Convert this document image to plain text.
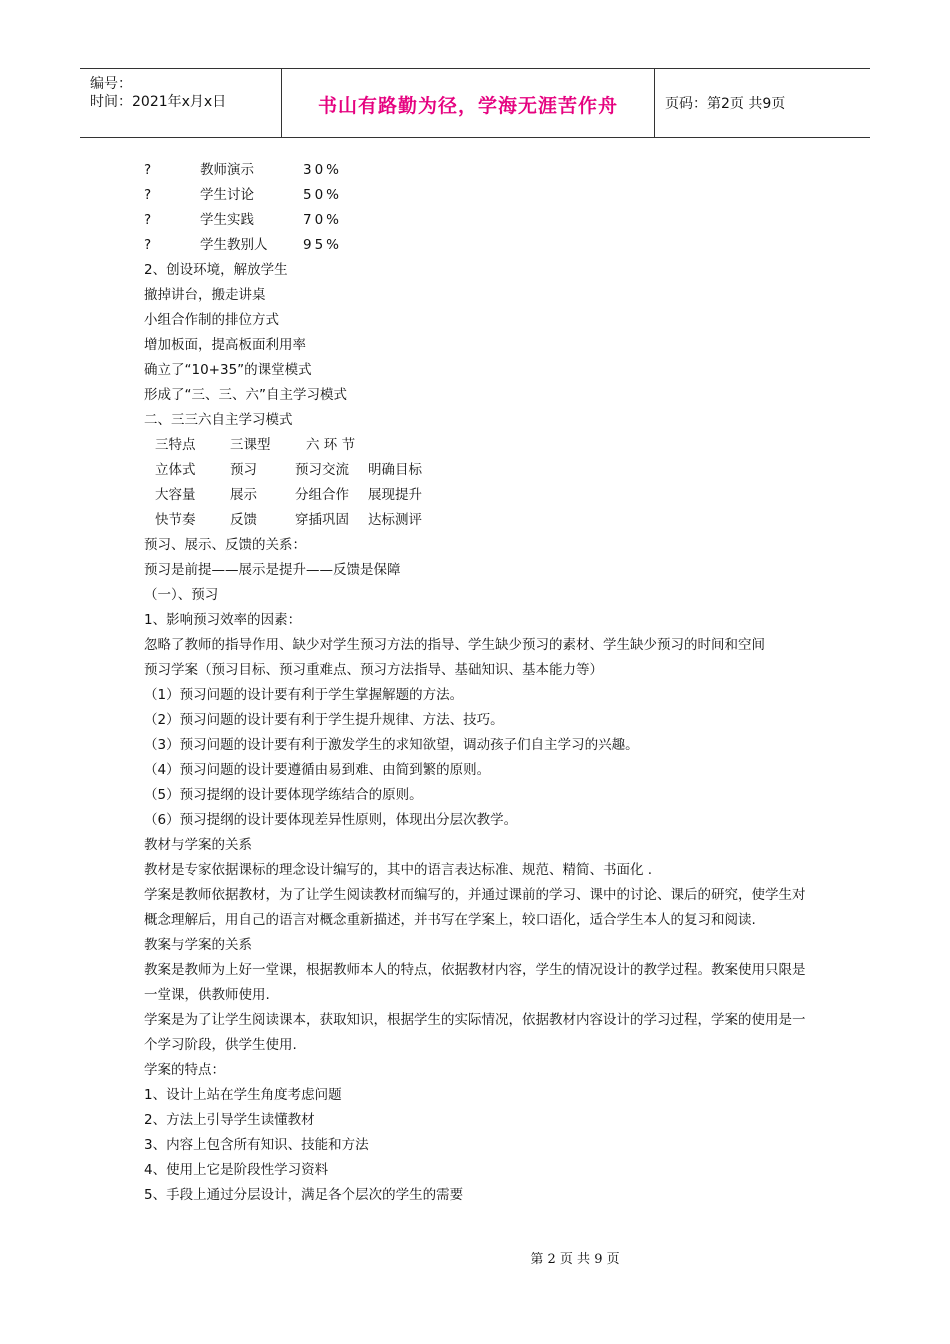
编号：
时间：2021年x月x日	书山有路勤为径，学海无涯苦作舟	页码：第2页 共9页
?	教师演示	30%
?	学生讨论	50%
?	学生实践	70%
?	学生教别人	95%
2、创设环境，解放学生
撤掉讲台，搬走讲桌
小组合作制的排位方式
增加板面，提高板面利用率
确立了“10+35”的课堂模式
形成了“三、三、六”自主学习模式
二、三三六自主学习模式
三特点	三课型	六 环 节
立体式	预习	预习交流 明确目标
大容量	展示	分组合作 展现提升
快节奏	反馈	穿插巩固 达标测评
预习、展示、反馈的关系：
预习是前提——展示是提升——反馈是保障
（一）、预习
1、影响预习效率的因素：
忽略了教师的指导作用、缺少对学生预习方法的指导、学生缺少预习的素材、学生缺少预习的时间和空间
预习学案（预习目标、预习重难点、预习方法指导、基础知识、基本能力等）
（1）预习问题的设计要有利于学生掌握解题的方法。
（2）预习问题的设计要有利于学生提升规律、方法、技巧。
（3）预习问题的设计要有利于激发学生的求知欲望，调动孩子们自主学习的兴趣。
（4）预习问题的设计要遵循由易到难、由简到繁的原则。
（5）预习提纲的设计要体现学练结合的原则。
（6）预习提纲的设计要体现差异性原则，体现出分层次教学。
教材与学案的关系
教材是专家依据课标的理念设计编写的，其中的语言表达标准、规范、精简、书面化 .
学案是教师依据教材，为了让学生阅读教材而编写的，并通过课前的学习、课中的讨论、课后的研究，使学生对概念理解后，用自己的语言对概念重新描述，并书写在学案上，较口语化，适合学生本人的复习和阅读.
教案与学案的关系
教案是教师为上好一堂课，根据教师本人的特点，依据教材内容，学生的情况设计的教学过程。教案使用只限是一堂课，供教师使用.
学案是为了让学生阅读课本，获取知识，根据学生的实际情况，依据教材内容设计的学习过程，学案的使用是一个学习阶段，供学生使用.
学案的特点：
1、设计上站在学生角度考虑问题
2、方法上引导学生读懂教材
3、内容上包含所有知识、技能和方法
4、使用上它是阶段性学习资料
5、手段上通过分层设计，满足各个层次的学生的需要
第 2 页 共 9 页
